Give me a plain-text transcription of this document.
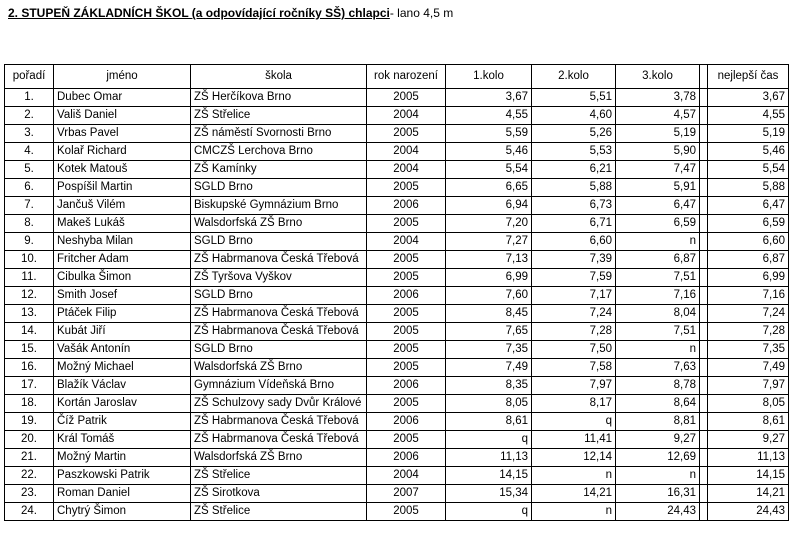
2. STUPEŇ ZÁKLADNÍCH ŠKOL (a odpovídající ročníky SŠ) chlapci- lano 4,5 m
pořadí	jméno	škola	rok narození	1.kolo	2.kolo	3.kolo		nejlepší čas
1.	Dubec Omar	ZŠ Herčíkova Brno	2005	3,67	5,51	3,78		3,67
2.	Vališ Daniel	ZŠ Střelice	2004	4,55	4,60	4,57		4,55
3.	Vrbas Pavel	ZŠ náměstí Svornosti Brno	2005	5,59	5,26	5,19		5,19
4.	Kolař Richard	CMCZŠ Lerchova Brno	2004	5,46	5,53	5,90		5,46
5.	Kotek Matouš	ZŠ Kamínky	2004	5,54	6,21	7,47		5,54
6.	Pospíšil Martin	SGLD Brno	2005	6,65	5,88	5,91		5,88
7.	Jančuš Vilém	Biskupské Gymnázium Brno	2006	6,94	6,73	6,47		6,47
8.	Makeš Lukáš	Walsdorfská ZŠ Brno	2005	7,20	6,71	6,59		6,59
9.	Neshyba Milan	SGLD Brno	2004	7,27	6,60	n		6,60
10.	Fritcher Adam	ZŠ Habrmanova Česká Třebová	2005	7,13	7,39	6,87		6,87
11.	Cibulka Šimon	ZŠ Tyršova Vyškov	2005	6,99	7,59	7,51		6,99
12.	Smith Josef	SGLD Brno	2006	7,60	7,17	7,16		7,16
13.	Ptáček Filip	ZŠ Habrmanova Česká Třebová	2005	8,45	7,24	8,04		7,24
14.	Kubát Jiří	ZŠ Habrmanova Česká Třebová	2005	7,65	7,28	7,51		7,28
15.	Vašák Antonín	SGLD Brno	2005	7,35	7,50	n		7,35
16.	Možný Michael	Walsdorfská ZŠ Brno	2005	7,49	7,58	7,63		7,49
17.	Blažík Václav	Gymnázium Vídeňská Brno	2006	8,35	7,97	8,78		7,97
18.	Kortán Jaroslav	ZŠ Schulzovy sady Dvůr Králové	2005	8,05	8,17	8,64		8,05
19.	Číž Patrik	ZŠ Habrmanova Česká Třebová	2006	8,61	q	8,81		8,61
20.	Král Tomáš	ZŠ Habrmanova Česká Třebová	2005	q	11,41	9,27		9,27
21.	Možný Martin	Walsdorfská ZŠ Brno	2006	11,13	12,14	12,69		11,13
22.	Paszkowski Patrik	ZŠ Střelice	2004	14,15	n	n		14,15
23.	Roman Daniel	ZŠ Sirotkova	2007	15,34	14,21	16,31		14,21
24.	Chytrý Šimon	ZŠ Střelice	2005	q	n	24,43		24,43
